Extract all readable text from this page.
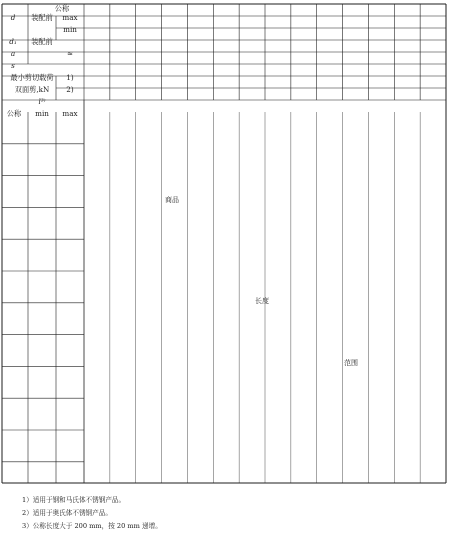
公称
d 装配前 max
min
d₁ 装配前
a	≈
s
最小剪切载荷
双面剪,kN
1)
2)
l³⁾
公称 min max
商品
长度
范围
1）适用于钢和马氏体不锈钢产品。
2）适用于奥氏体不锈钢产品。
3）公称长度大于 200 mm，按 20 mm 递增。
